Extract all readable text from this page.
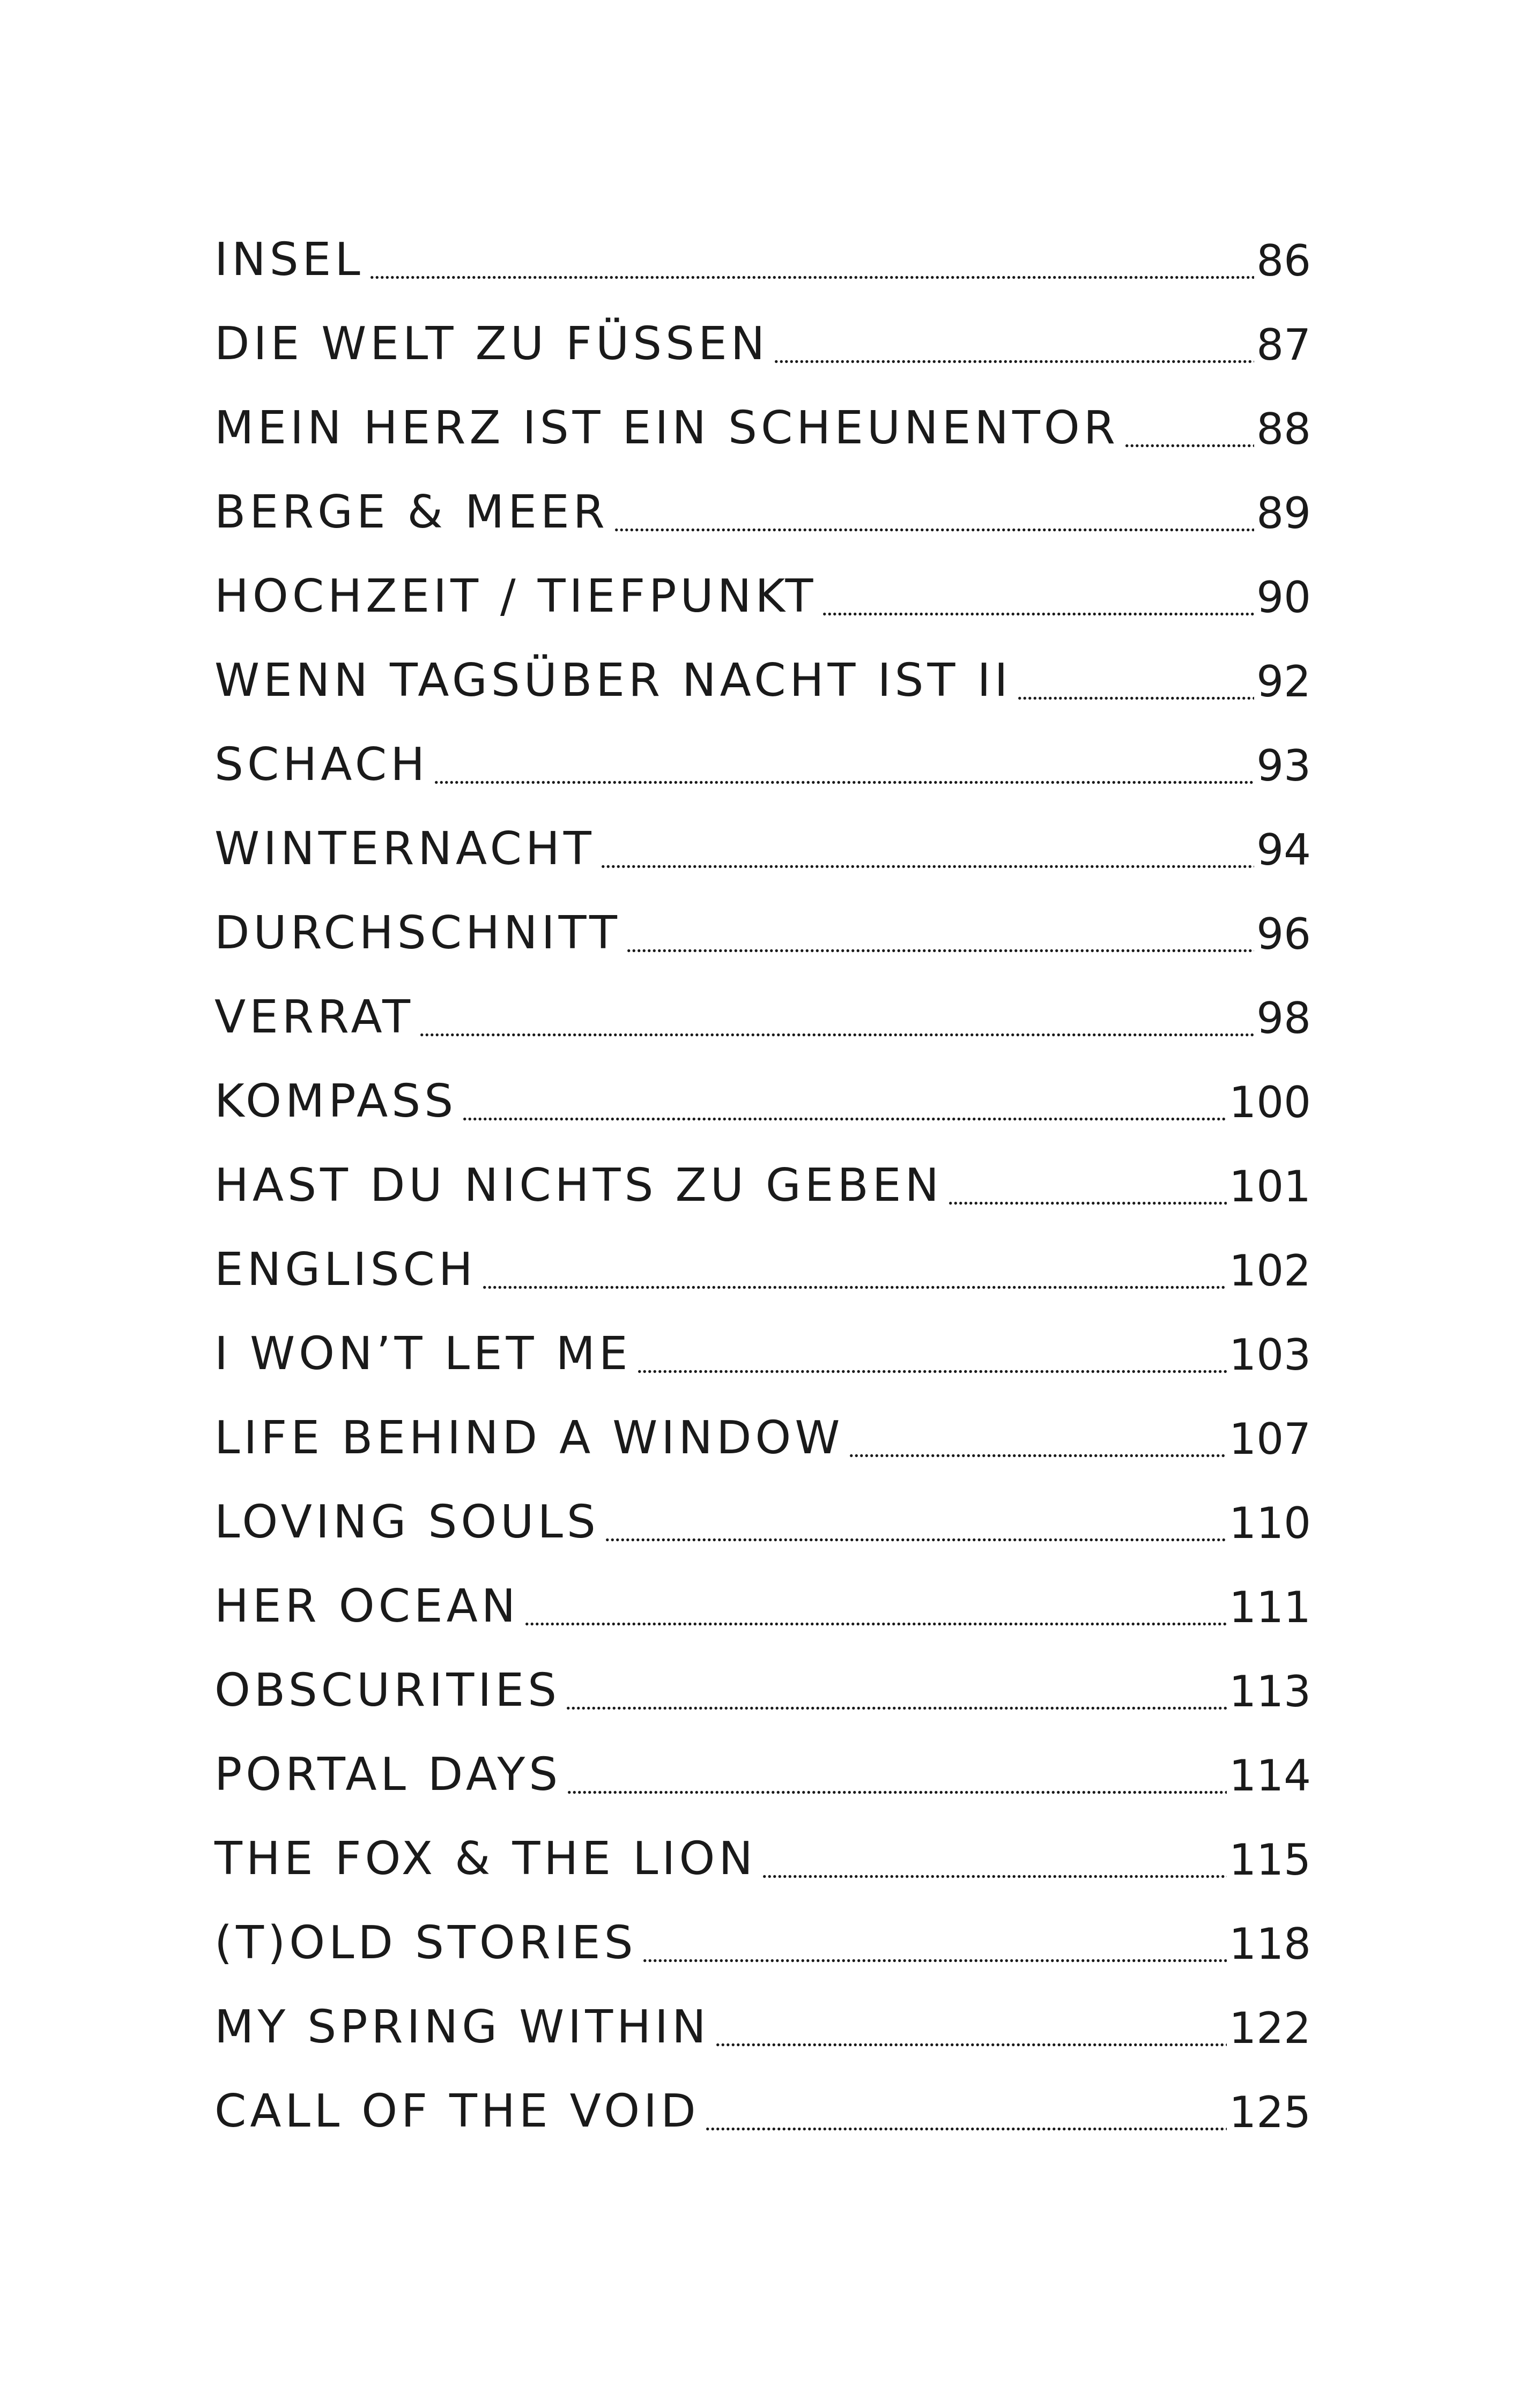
INSEL	86
DIE WELT ZU FÜSSEN	87
MEIN HERZ IST EIN SCHEUNENTOR	88
BERGE & MEER	89
HOCHZEIT / TIEFPUNKT	90
WENN TAGSÜBER NACHT IST II	92
SCHACH	93
WINTERNACHT	94
DURCHSCHNITT	96
VERRAT	98
KOMPASS	100
HAST DU NICHTS ZU GEBEN	101
ENGLISCH	102
I WON’T LET ME	103
LIFE BEHIND A WINDOW	107
LOVING SOULS	110
HER OCEAN	111
OBSCURITIES	113
PORTAL DAYS	114
THE FOX & THE LION	115
(T)OLD STORIES	118
MY SPRING WITHIN	122
CALL OF THE VOID	125
